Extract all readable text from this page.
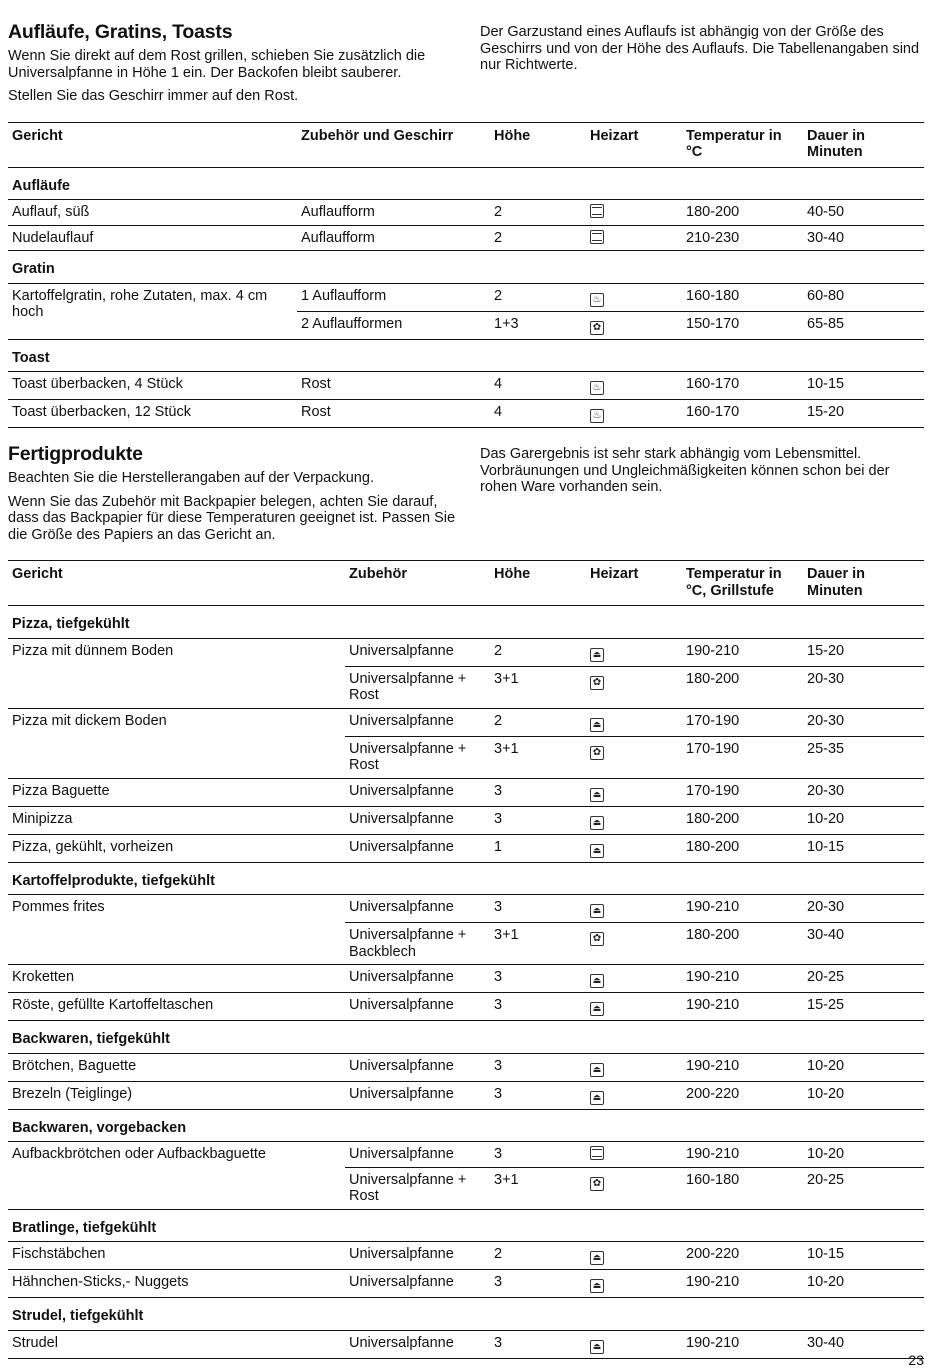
Aufläufe, Gratins, Toasts

Wenn Sie direkt auf dem Rost grillen, schieben Sie zusätzlich die Universalpfanne in Höhe 1 ein. Der Backofen bleibt sauberer.

Stellen Sie das Geschirr immer auf den Rost.

Der Garzustand eines Auflaufs ist abhängig von der Größe des Geschirrs und von der Höhe des Auflaufs. Die Tabellenangaben sind nur Richtwerte.

Gericht	Zubehör und Geschirr	Höhe	Heizart	Temperatur in °C	Dauer in Minuten
Aufläufe					
Auflauf, süß	Auflaufform	2		180-200	40-50
Nudelauflauf	Auflaufform	2		210-230	30-40
Gratin					
Kartoffelgratin, rohe Zutaten, max. 4 cm hoch	1 Auflaufform	2	♨	160-180	60-80
	2 Auflaufformen	1+3	✿	150-170	65-85
Toast					
Toast überbacken, 4 Stück	Rost	4	♨	160-170	10-15
Toast überbacken, 12 Stück	Rost	4	♨	160-170	15-20
Fertigprodukte

Beachten Sie die Herstellerangaben auf der Verpackung.

Wenn Sie das Zubehör mit Backpapier belegen, achten Sie darauf, dass das Backpapier für diese Temperaturen geeignet ist. Passen Sie die Größe des Papiers an das Gericht an.

Das Garergebnis ist sehr stark abhängig vom Lebensmittel. Vorbräunungen und Ungleichmäßigkeiten können schon bei der rohen Ware vorhanden sein.

Gericht	Zubehör	Höhe	Heizart	Temperatur in °C, Grillstufe	Dauer in Minuten
Pizza, tiefgekühlt					
Pizza mit dünnem Boden	Universalpfanne	2	⏏	190-210	15-20
	Universalpfanne + Rost	3+1	✿	180-200	20-30
Pizza mit dickem Boden	Universalpfanne	2	⏏	170-190	20-30
	Universalpfanne + Rost	3+1	✿	170-190	25-35
Pizza Baguette	Universalpfanne	3	⏏	170-190	20-30
Minipizza	Universalpfanne	3	⏏	180-200	10-20
Pizza, gekühlt, vorheizen	Universalpfanne	1	⏏	180-200	10-15
Kartoffelprodukte, tiefgekühlt					
Pommes frites	Universalpfanne	3	⏏	190-210	20-30
	Universalpfanne + Backblech	3+1	✿	180-200	30-40
Kroketten	Universalpfanne	3	⏏	190-210	20-25
Röste, gefüllte Kartoffeltaschen	Universalpfanne	3	⏏	190-210	15-25
Backwaren, tiefgekühlt					
Brötchen, Baguette	Universalpfanne	3	⏏	190-210	10-20
Brezeln (Teiglinge)	Universalpfanne	3	⏏	200-220	10-20
Backwaren, vorgebacken					
Aufbackbrötchen oder Aufbackbaguette	Universalpfanne	3		190-210	10-20
	Universalpfanne + Rost	3+1	✿	160-180	20-25
Bratlinge, tiefgekühlt					
Fischstäbchen	Universalpfanne	2	⏏	200-220	10-15
Hähnchen-Sticks,- Nuggets	Universalpfanne	3	⏏	190-210	10-20
Strudel, tiefgekühlt					
Strudel	Universalpfanne	3	⏏	190-210	30-40
23
